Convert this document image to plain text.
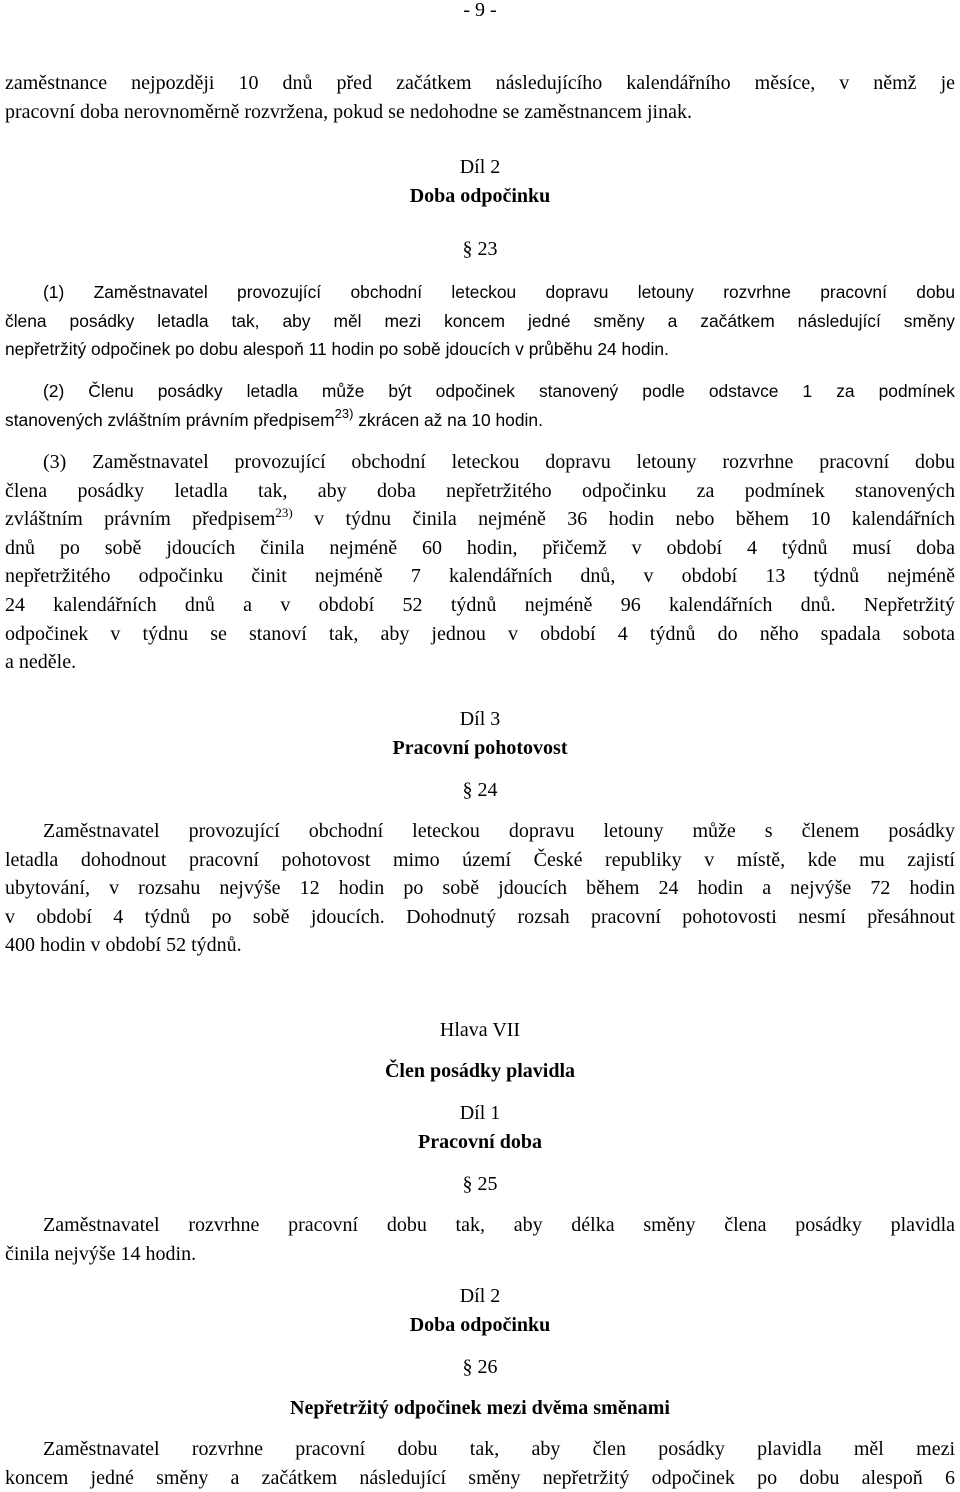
- 9 -
zaměstnance nejpozději 10 dnů před začátkem následujícího kalendářního měsíce, v němž je
pracovní doba nerovnoměrně rozvržena, pokud se nedohodne se zaměstnancem jinak.
Díl 2
Doba odpočinku
§ 23
(1) Zaměstnavatel provozující obchodní leteckou dopravu letouny rozvrhne pracovní dobu
člena posádky letadla tak, aby měl mezi koncem jedné směny a začátkem následující směny
nepřetržitý odpočinek po dobu alespoň 11 hodin po sobě jdoucích v průběhu 24 hodin.
(2) Členu posádky letadla může být odpočinek stanovený podle odstavce 1 za podmínek
stanovených zvláštním právním předpisem$^{23)}$ zkrácen až na 10 hodin.
(3) Zaměstnavatel provozující obchodní leteckou dopravu letouny rozvrhne pracovní dobu
člena posádky letadla tak, aby doba nepřetržitého odpočinku za podmínek stanovených
zvláštním právním předpisem$^{23)}$ v týdnu činila nejméně 36 hodin nebo během 10 kalendářních
dnů po sobě jdoucích činila nejméně 60 hodin, přičemž v období 4 týdnů musí doba
nepřetržitého odpočinku činit nejméně 7 kalendářních dnů, v období 13 týdnů nejméně
24 kalendářních dnů a v období 52 týdnů nejméně 96 kalendářních dnů. Nepřetržitý
odpočinek v týdnu se stanoví tak, aby jednou v období 4 týdnů do něho spadala sobota
a neděle.
Díl 3
Pracovní pohotovost
§ 24
Zaměstnavatel provozující obchodní leteckou dopravu letouny může s členem posádky
letadla dohodnout pracovní pohotovost mimo území České republiky v místě, kde mu zajistí
ubytování, v rozsahu nejvýše 12 hodin po sobě jdoucích během 24 hodin a nejvýše 72 hodin
v období 4 týdnů po sobě jdoucích. Dohodnutý rozsah pracovní pohotovosti nesmí přesáhnout
400 hodin v období 52 týdnů.
Hlava VII
Člen posádky plavidla
Díl 1
Pracovní doba
§ 25
Zaměstnavatel rozvrhne pracovní dobu tak, aby délka směny člena posádky plavidla
činila nejvýše 14 hodin.
Díl 2
Doba odpočinku
§ 26
Nepřetržitý odpočinek mezi dvěma směnami
Zaměstnavatel rozvrhne pracovní dobu tak, aby člen posádky plavidla měl mezi
koncem jedné směny a začátkem následující směny nepřetržitý odpočinek po dobu alespoň 6
